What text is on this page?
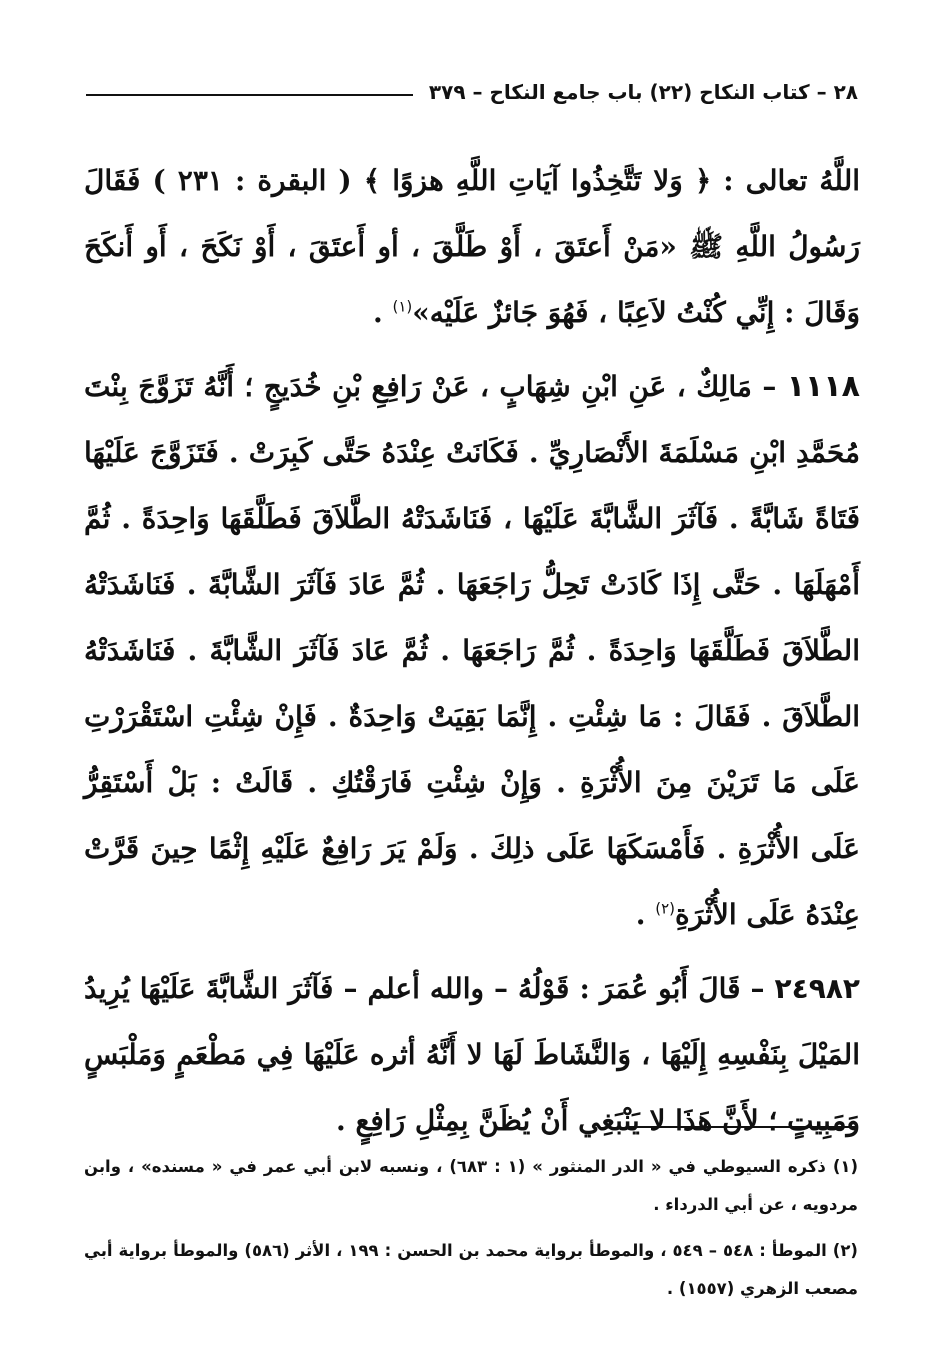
٢٨ – كتاب النكاح (٢٢) باب جامع النكاح – ٣٧٩

اللَّهُ تعالى : ﴿ وَلا تَتَّخِذُوا آيَاتِ اللَّهِ هزوًا ﴾ ( البقرة : ٢٣١ ) فَقَالَ رَسُولُ اللَّهِ ﷺ «مَنْ أَعتَقَ ، أَوْ طَلَّقَ ، أو أَعتَقَ ، أَوْ نَكَحَ ، أَو أَنكَحَ وَقَالَ : إِنِّي كُنْتُ لاَعِبًا ، فَهُوَ جَائزٌ عَلَيْه»$^{(١)}$ .

١١١٨ – مَالِكٌ ، عَنِ ابْنِ شِهَابٍ ، عَنْ رَافِعِ بْنِ خُدَيجٍ ؛ أَنَّهُ تَزَوَّجَ بِنْتَ مُحَمَّدِ ابْنِ مَسْلَمَةَ الأَنْصَارِيِّ . فَكَانَتْ عِنْدَهُ حَتَّى كَبِرَتْ . فَتَزَوَّجَ عَلَيْهَا فَتَاةً شَابَّةً . فَآثَرَ الشَّابَّةَ عَلَيْهَا ، فَنَاشَدَتْهُ الطَّلاَقَ فَطَلَّقَهَا وَاحِدَةً . ثُمَّ أَمْهَلَهَا . حَتَّى إِذَا كَادَتْ تَحِلُّ رَاجَعَهَا . ثُمَّ عَادَ فَآثَرَ الشَّابَّةَ . فَنَاشَدَتْهُ الطَّلاَقَ فَطَلَّقَهَا وَاحِدَةً . ثُمَّ رَاجَعَهَا . ثُمَّ عَادَ فَآثَرَ الشَّابَّةَ . فَنَاشَدَتْهُ الطَّلاَقَ . فَقَالَ : مَا شِئْتِ . إِنَّمَا بَقِيَتْ وَاحِدَةٌ . فَإِنْ شِئْتِ اسْتَقْرَرْتِ عَلَى مَا تَرَيْنَ مِنَ الأُثْرَةِ . وَإِنْ شِئْتِ فَارَقْتُكِ . قَالَتْ : بَلْ أَسْتَقِرُّ عَلَى الأُثْرَةِ . فَأَمْسَكَهَا عَلَى ذلِكَ . وَلَمْ يَرَ رَافِعٌ عَلَيْهِ إِثْمًا حِينَ قَرَّتْ عِنْدَهُ عَلَى الأُثْرَةِ$^{(٢)}$ .

٢٤٩٨٢ – قَالَ أَبُو عُمَرَ : قَوْلُهُ – والله أعلم – فَآثَرَ الشَّابَّةَ عَلَيْهَا يُرِيدُ المَيْلَ بِنَفْسِهِ إِلَيْهَا ، وَالنَّشَاطَ لَهَا لا أَنَّهُ أثره عَلَيْهَا فِي مَطْعَمٍ وَمَلْبَسٍ وَمَبِيتٍ ؛ لأَنَّ هَذَا لا يَنْبَغِي أَنْ يُظَنَّ بِمِثْلِ رَافِعٍ .

(١) ذكره السيوطي في « الدر المنثور » (١ : ٦٨٣) ، ونسبه لابن أبي عمر في « مسنده» ، وابن مردويه ، عن أبي الدرداء .

(٢) الموطأ : ٥٤٨ – ٥٤٩ ، والموطأ برواية محمد بن الحسن : ١٩٩ ، الأثر (٥٨٦) والموطأ برواية أبي مصعب الزهري (١٥٥٧) .
